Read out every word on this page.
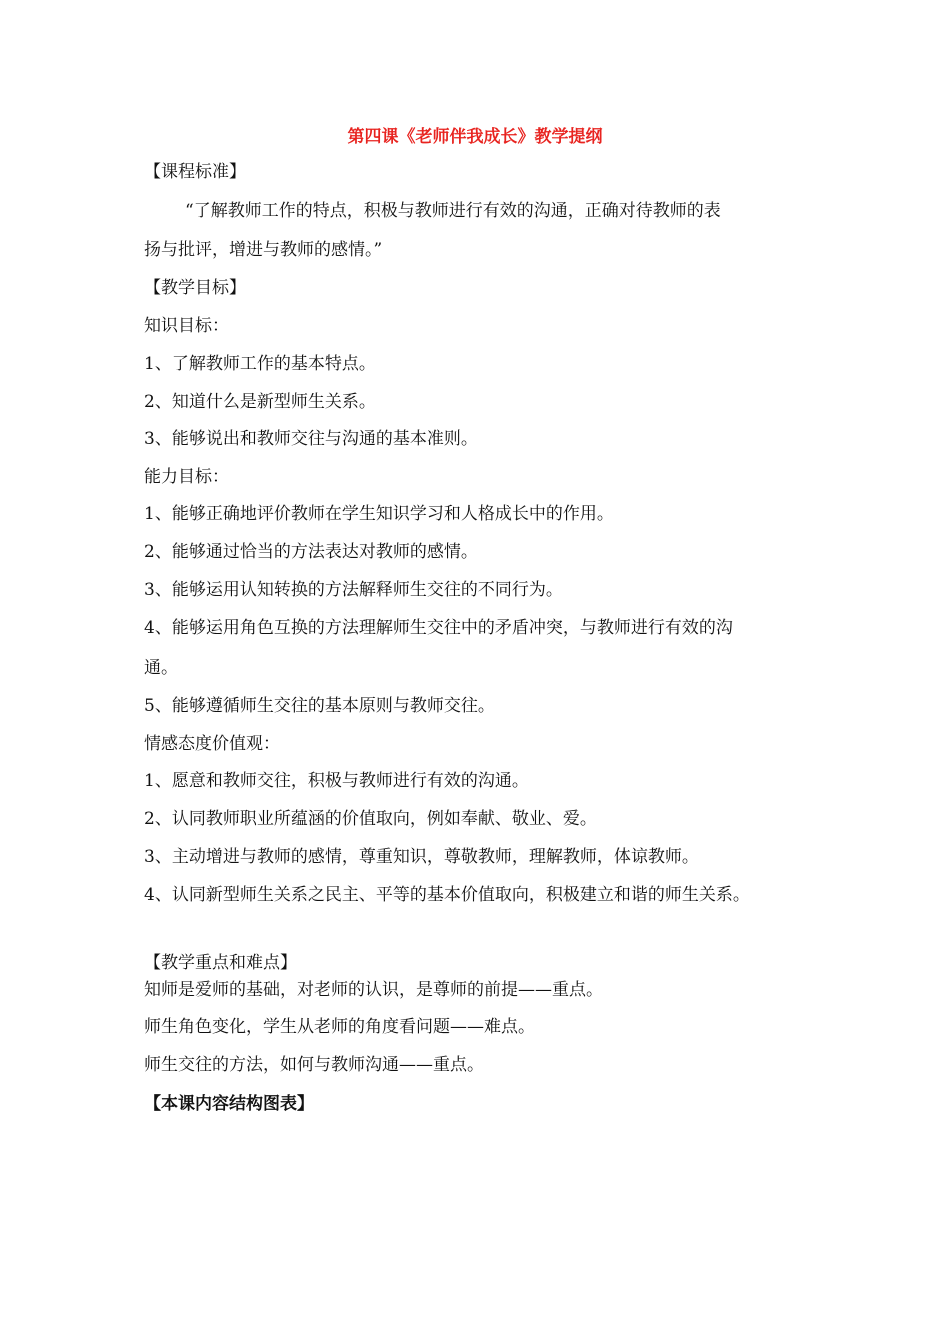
第四课《老师伴我成长》教学提纲
【课程标准】
“了解教师工作的特点，积极与教师进行有效的沟通，正确对待教师的表
扬与批评，增进与教师的感情。”
【教学目标】
知识目标：
1、了解教师工作的基本特点。
2、知道什么是新型师生关系。
3、能够说出和教师交往与沟通的基本准则。
能力目标：
1、能够正确地评价教师在学生知识学习和人格成长中的作用。
2、能够通过恰当的方法表达对教师的感情。
3、能够运用认知转换的方法解释师生交往的不同行为。
4、能够运用角色互换的方法理解师生交往中的矛盾冲突，与教师进行有效的沟
通。
5、能够遵循师生交往的基本原则与教师交往。
情感态度价值观：
1、愿意和教师交往，积极与教师进行有效的沟通。
2、认同教师职业所蕴涵的价值取向，例如奉献、敬业、爱。
3、主动增进与教师的感情，尊重知识，尊敬教师，理解教师，体谅教师。
4、认同新型师生关系之民主、平等的基本价值取向，积极建立和谐的师生关系。
【教学重点和难点】
知师是爱师的基础，对老师的认识，是尊师的前提——重点。
师生角色变化，学生从老师的角度看问题——难点。
师生交往的方法，如何与教师沟通——重点。
【本课内容结构图表】
